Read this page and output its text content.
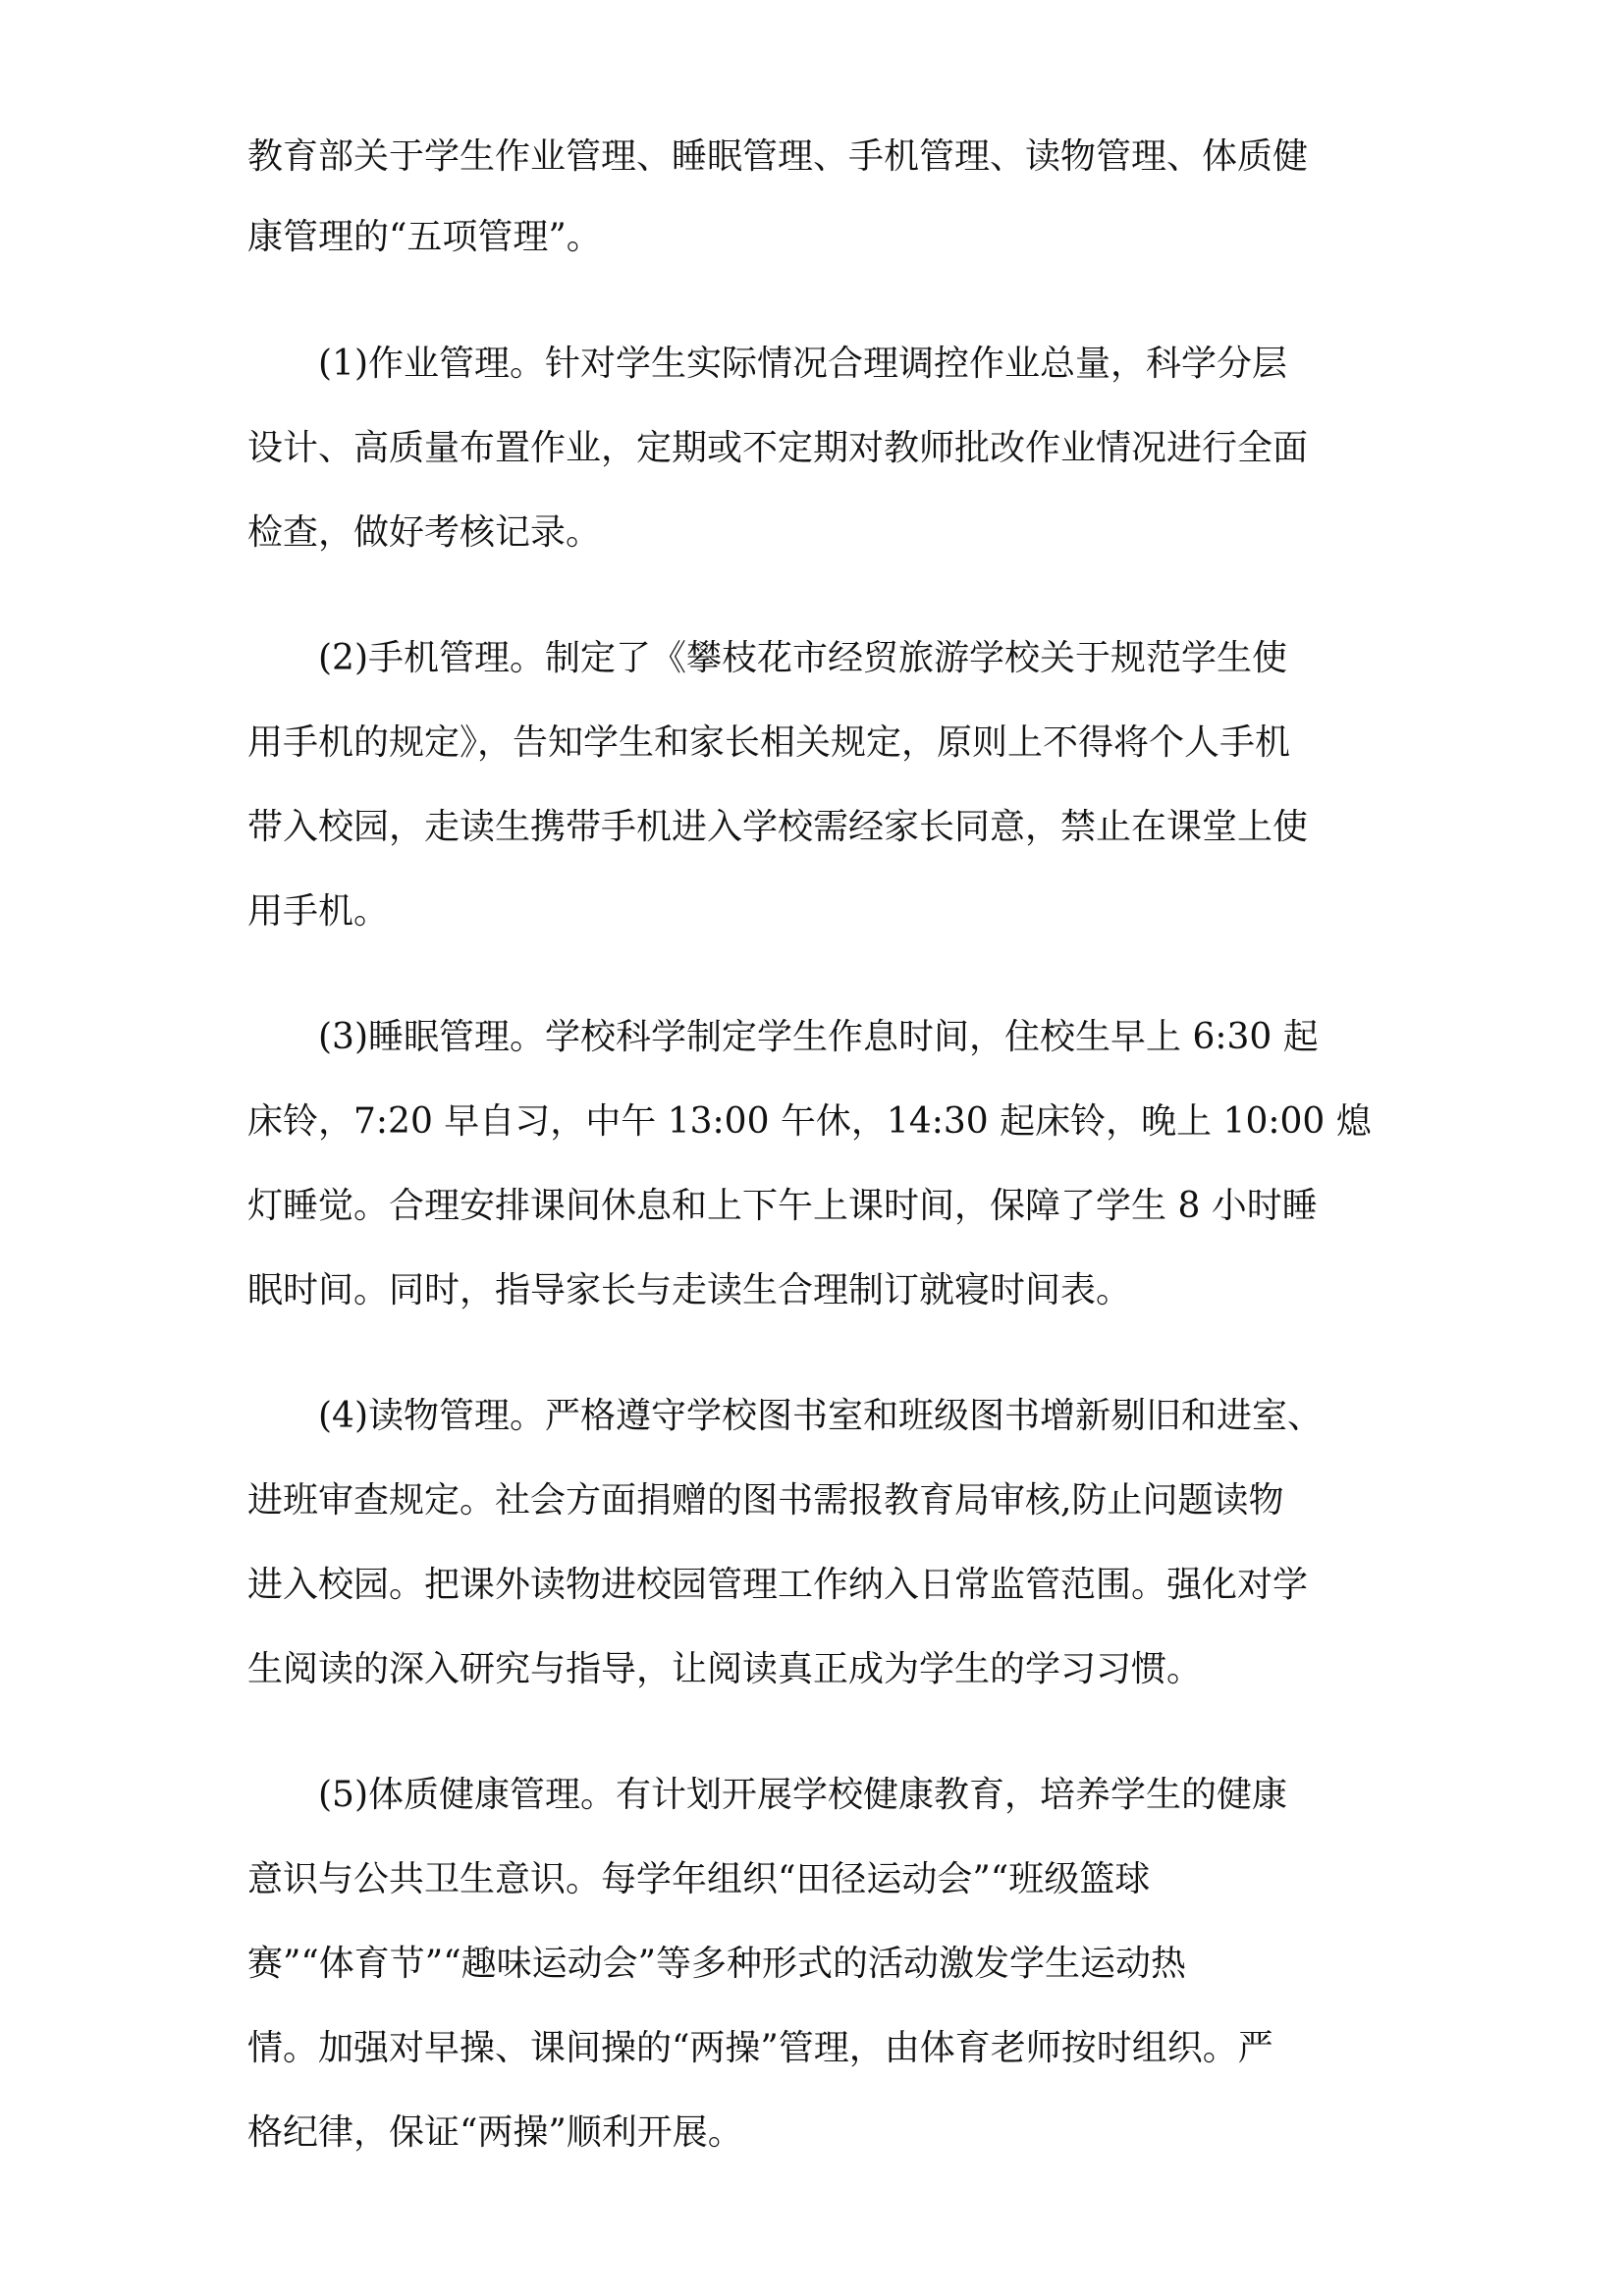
教育部关于学生作业管理、睡眠管理、手机管理、读物管理、体质健
康管理的“五项管理”。
(1)作业管理。针对学生实际情况合理调控作业总量，科学分层
设计、高质量布置作业，定期或不定期对教师批改作业情况进行全面
检查，做好考核记录。
(2)手机管理。制定了《攀枝花市经贸旅游学校关于规范学生使
用手机的规定》，告知学生和家长相关规定，原则上不得将个人手机
带入校园，走读生携带手机进入学校需经家长同意，禁止在课堂上使
用手机。
(3)睡眠管理。学校科学制定学生作息时间，住校生早上 6:30 起
床铃，7:20 早自习，中午 13:00 午休，14:30 起床铃，晚上 10:00 熄
灯睡觉。合理安排课间休息和上下午上课时间，保障了学生 8 小时睡
眠时间。同时，指导家长与走读生合理制订就寝时间表。
(4)读物管理。严格遵守学校图书室和班级图书增新剔旧和进室、
进班审查规定。社会方面捐赠的图书需报教育局审核,防止问题读物
进入校园。把课外读物进校园管理工作纳入日常监管范围。强化对学
生阅读的深入研究与指导，让阅读真正成为学生的学习习惯。
(5)体质健康管理。有计划开展学校健康教育，培养学生的健康
意识与公共卫生意识。每学年组织“田径运动会”“班级篮球
赛”“体育节”“趣味运动会”等多种形式的活动激发学生运动热
情。加强对早操、课间操的“两操”管理，由体育老师按时组织。严
格纪律，保证“两操”顺利开展。
